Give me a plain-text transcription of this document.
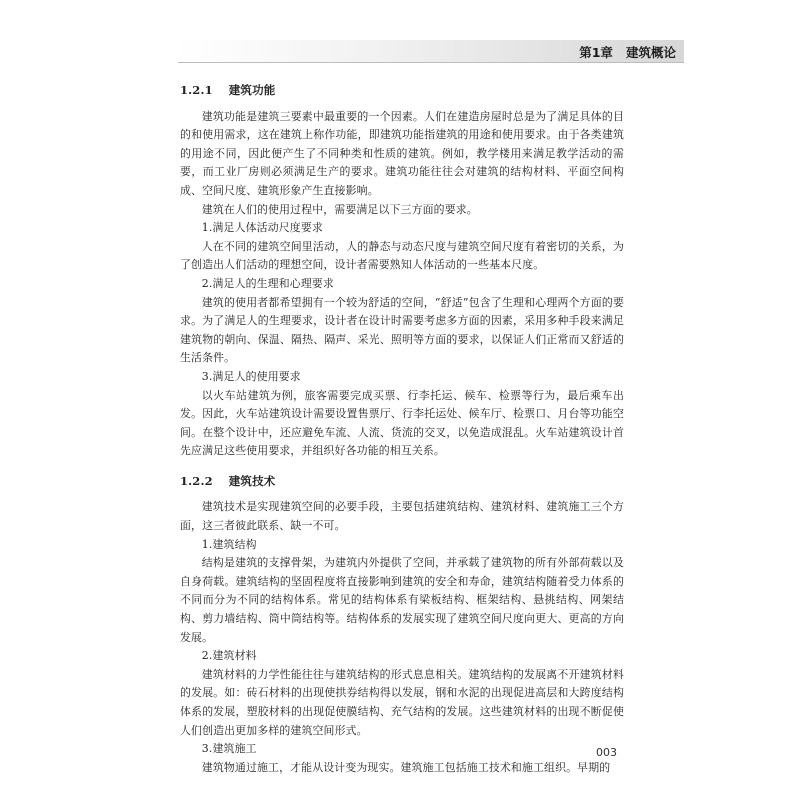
第1章   建筑概论
1.2.1 建筑功能

建筑功能是建筑三要素中最重要的一个因素。人们在建造房屋时总是为了满足具体的目的和使用需求，这在建筑上称作功能，即建筑功能指建筑的用途和使用要求。由于各类建筑的用途不同，因此便产生了不同种类和性质的建筑。例如，教学楼用来满足教学活动的需要，而工业厂房则必须满足生产的要求。建筑功能往往会对建筑的结构材料、平面空间构成、空间尺度、建筑形象产生直接影响。

建筑在人们的使用过程中，需要满足以下三方面的要求。

1.满足人体活动尺度要求

人在不同的建筑空间里活动，人的静态与动态尺度与建筑空间尺度有着密切的关系，为了创造出人们活动的理想空间，设计者需要熟知人体活动的一些基本尺度。

2.满足人的生理和心理要求

建筑的使用者都希望拥有一个较为舒适的空间，“舒适”包含了生理和心理两个方面的要求。为了满足人的生理要求，设计者在设计时需要考虑多方面的因素，采用多种手段来满足建筑物的朝向、保温、隔热、隔声、采光、照明等方面的要求，以保证人们正常而又舒适的生活条件。

3.满足人的使用要求

以火车站建筑为例，旅客需要完成买票、行李托运、候车、检票等行为，最后乘车出发。因此，火车站建筑设计需要设置售票厅、行李托运处、候车厅、检票口、月台等功能空间。在整个设计中，还应避免车流、人流、货流的交叉，以免造成混乱。火车站建筑设计首先应满足这些使用要求，并组织好各功能的相互关系。

1.2.2 建筑技术

建筑技术是实现建筑空间的必要手段，主要包括建筑结构、建筑材料、建筑施工三个方面，这三者彼此联系、缺一不可。

1.建筑结构

结构是建筑的支撑骨架，为建筑内外提供了空间，并承载了建筑物的所有外部荷载以及自身荷载。建筑结构的坚固程度将直接影响到建筑的安全和寿命，建筑结构随着受力体系的不同而分为不同的结构体系。常见的结构体系有梁板结构、框架结构、悬挑结构、网架结构、剪力墙结构、筒中筒结构等。结构体系的发展实现了建筑空间尺度向更大、更高的方向发展。

2.建筑材料

建筑材料的力学性能往往与建筑结构的形式息息相关。建筑结构的发展离不开建筑材料的发展。如：砖石材料的出现使拱券结构得以发展，钢和水泥的出现促进高层和大跨度结构体系的发展，塑胶材料的出现促使膜结构、充气结构的发展。这些建筑材料的出现不断促使人们创造出更加多样的建筑空间形式。

3.建筑施工

建筑物通过施工，才能从设计变为现实。建筑施工包括施工技术和施工组织。早期的

003
